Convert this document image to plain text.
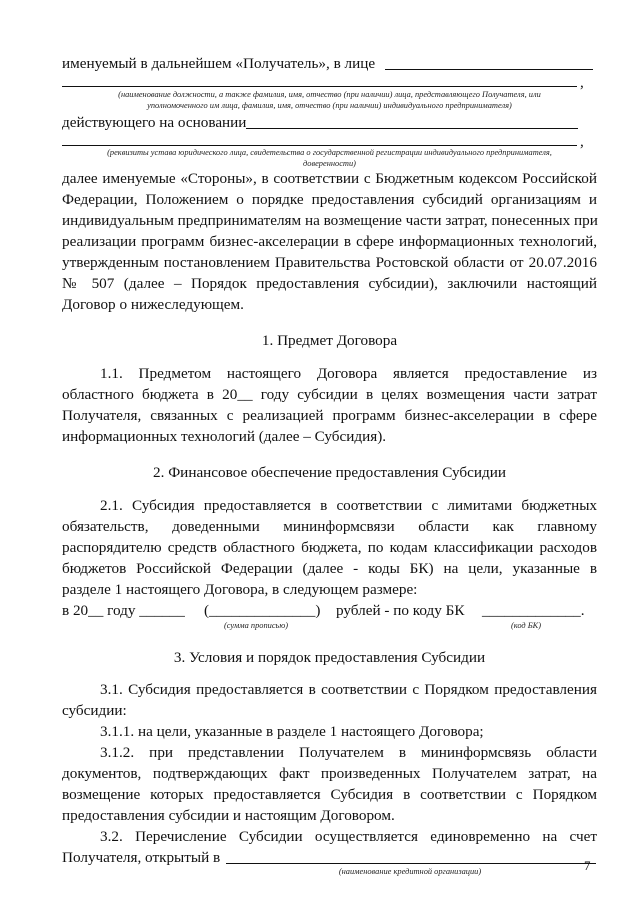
именуемый в дальнейшем «Получатель», в лице
,
(наименование должности, а также фамилия, имя, отчество (при наличии) лица, представляющего Получателя, или
уполномоченного им лица, фамилия, имя, отчество (при наличии) индивидуального предпринимателя)
действующего на основании
,
(реквизиты устава юридического лица, свидетельства о государственной регистрации индивидуального предпринимателя,
доверенности)
далее именуемые «Стороны», в соответствии с Бюджетным кодексом Российской
Федерации, Положением о порядке предоставления субсидий организациям и
индивидуальным предпринимателям на возмещение части затрат, понесенных при
реализации программ бизнес-акселерации в сфере информационных технологий,
утвержденным постановлением Правительства Ростовской области от 20.07.2016
№ 507 (далее – Порядок предоставления субсидии), заключили настоящий
Договор о нижеследующем.
1. Предмет Договора
1.1. Предметом настоящего Договора является предоставление из
областного бюджета в 20__ году субсидии в целях возмещения части затрат
Получателя, связанных с реализацией программ бизнес-акселерации в сфере
информационных технологий (далее – Субсидия).
2. Финансовое обеспечение предоставления Субсидии
2.1. Субсидия предоставляется в соответствии с лимитами бюджетных
обязательств, доведенными мининформсвязи области как главному
распорядителю средств областного бюджета, по кодам классификации расходов
бюджетов Российской Федерации (далее - коды БК) на цели, указанные в
разделе 1 настоящего Договора, в следующем размере:
в 20__ году ______ (______________) рублей - по коду БК _____________.
(сумма прописью)	(код БК)
3. Условия и порядок предоставления Субсидии
3.1. Субсидия предоставляется в соответствии с Порядком предоставления
субсидии:
3.1.1. на цели, указанные в разделе 1 настоящего Договора;
3.1.2. при представлении Получателем в мининформсвязь области
документов, подтверждающих факт произведенных Получателем затрат, на
возмещение которых предоставляется Субсидия в соответствии с Порядком
предоставления субсидии и настоящим Договором.
3.2. Перечисление Субсидии осуществляется единовременно на счет
Получателя, открытый в
(наименование кредитной организации)	7
